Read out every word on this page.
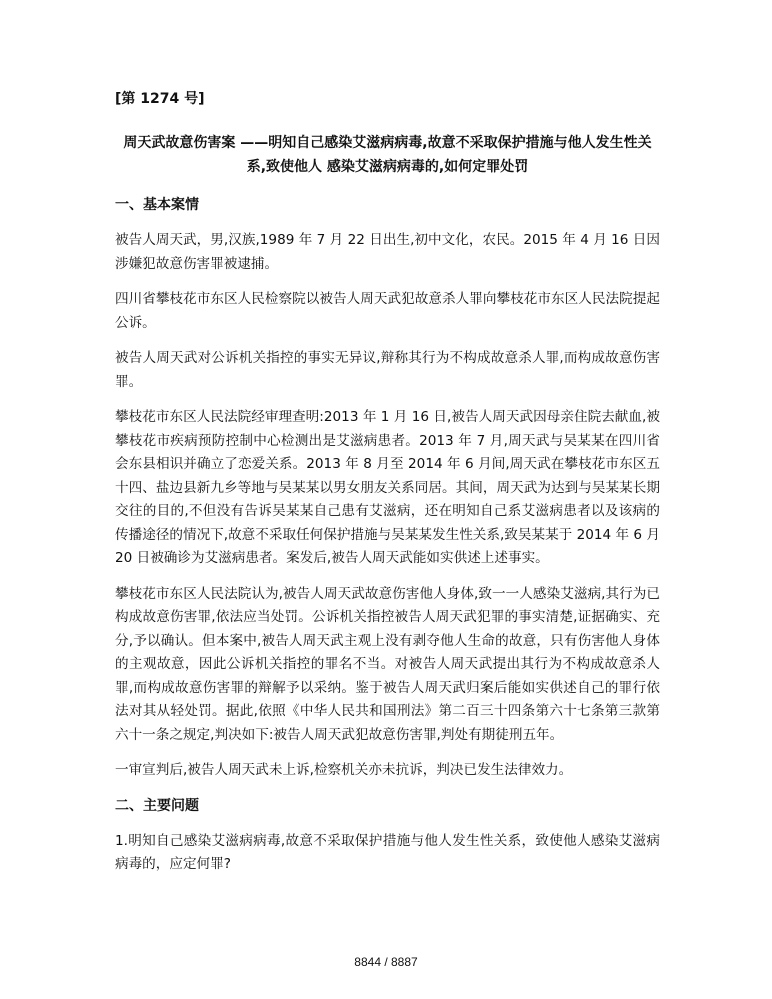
[第 1274 号]

周天武故意伤害案 ——明知自己感染艾滋病病毒,故意不采取保护措施与他人发生性关系,致使他人 感染艾滋病病毒的,如何定罪处罚

一、基本案情

被告人周天武，男,汉族,1989 年 7 月 22 日出生,初中文化，农民。2015 年 4 月 16 日因涉嫌犯故意伤害罪被逮捕。

四川省攀枝花市东区人民检察院以被告人周天武犯故意杀人罪向攀枝花市东区人民法院提起公诉。

被告人周天武对公诉机关指控的事实无异议,辩称其行为不构成故意杀人罪,而构成故意伤害罪。

攀枝花市东区人民法院经审理查明:2013 年 1 月 16 日,被告人周天武因母亲住院去献血,被攀枝花市疾病预防控制中心检测出是艾滋病患者。2013 年 7 月,周天武与吴某某在四川省会东县相识并确立了恋爱关系。2013 年 8 月至 2014 年 6 月间,周天武在攀枝花市东区五十四、盐边县新九乡等地与吴某某以男女朋友关系同居。其间，周天武为达到与吴某某长期交往的目的,不但没有告诉吴某某自己患有艾滋病，还在明知自己系艾滋病患者以及该病的传播途径的情况下,故意不采取任何保护措施与吴某某发生性关系,致吴某某于 2014 年 6 月 20 日被确诊为艾滋病患者。案发后,被告人周天武能如实供述上述事实。

攀枝花市东区人民法院认为,被告人周天武故意伤害他人身体,致一一人感染艾滋病,其行为已构成故意伤害罪,依法应当处罚。公诉机关指控被告人周天武犯罪的事实清楚,证据确实、充分,予以确认。但本案中,被告人周天武主观上没有剥夺他人生命的故意，只有伤害他人身体的主观故意，因此公诉机关指控的罪名不当。对被告人周天武提出其行为不构成故意杀人罪,而构成故意伤害罪的辩解予以采纳。鉴于被告人周天武归案后能如实供述自己的罪行依法对其从轻处罚。据此,依照《中华人民共和国刑法》第二百三十四条第六十七条第三款第六十一条之规定,判决如下:被告人周天武犯故意伤害罪,判处有期徒刑五年。

一审宣判后,被告人周天武未上诉,检察机关亦未抗诉，判决已发生法律效力。

二、主要问题

1.明知自己感染艾滋病病毒,故意不采取保护措施与他人发生性关系，致使他人感染艾滋病病毒的，应定何罪?

8844 / 8887
